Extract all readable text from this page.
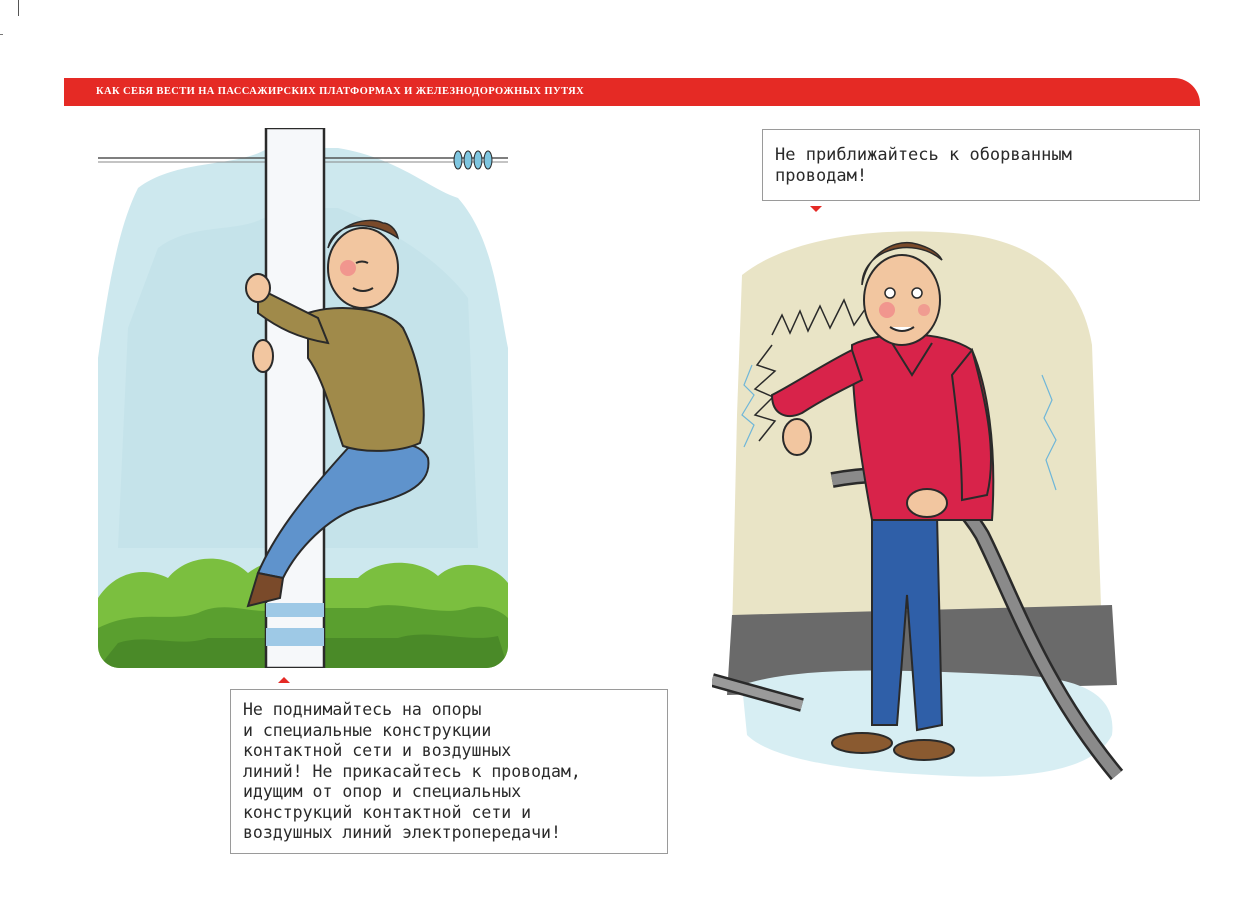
КАК СЕБЯ ВЕСТИ НА ПАССАЖИРСКИХ ПЛАТФОРМАХ И ЖЕЛЕЗНОДОРОЖНЫХ ПУТЯХ
Не поднимайтесь на опоры
и специальные конструкции
контактной сети и воздушных
линий! Не прикасайтесь к проводам,
идущим от опор и специальных
конструкций контактной сети и
воздушных линий электропередачи!
Не приближайтесь к оборванным
проводам!
